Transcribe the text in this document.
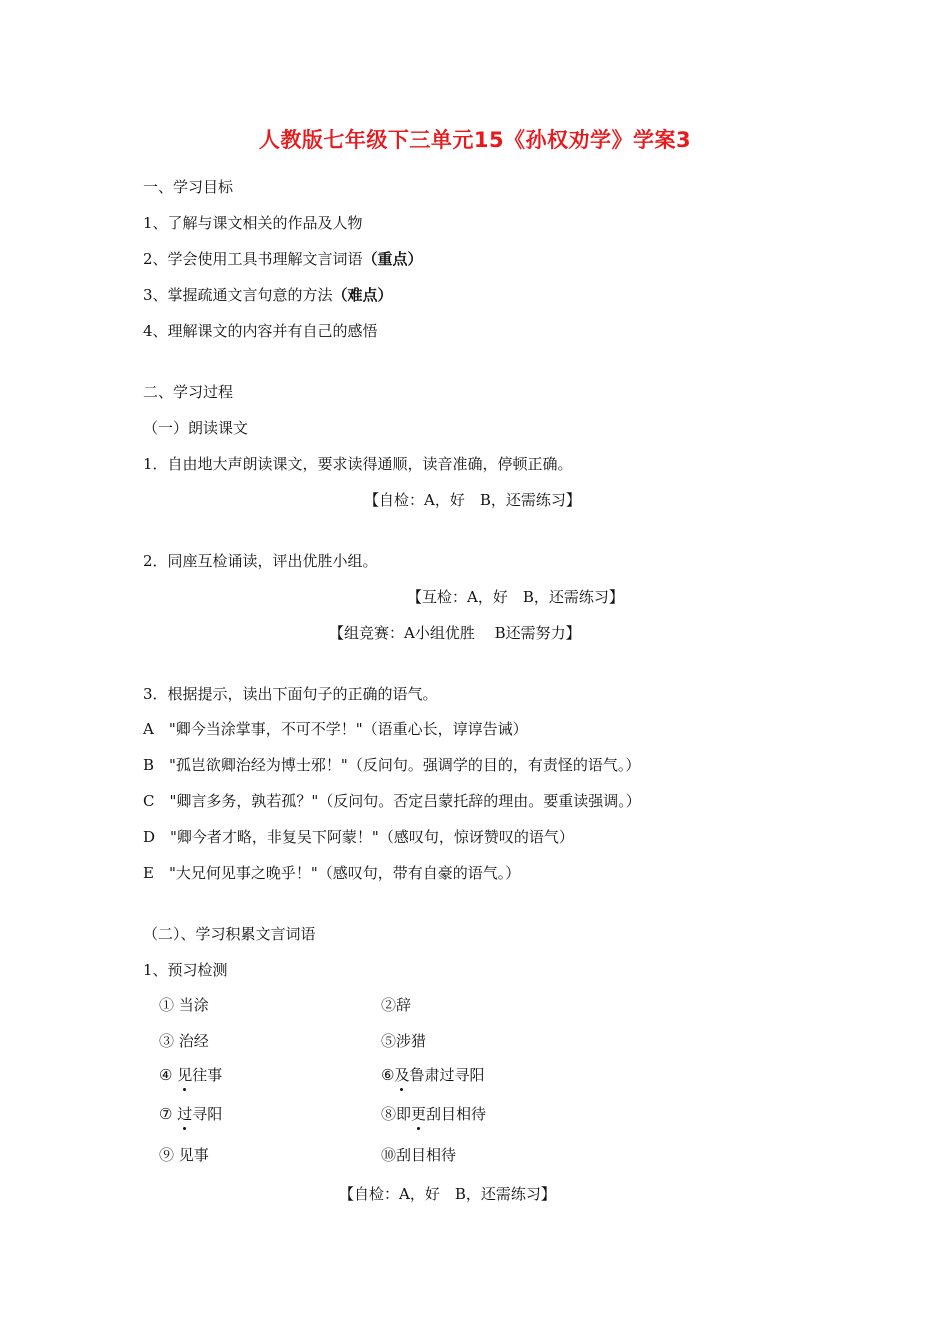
人教版七年级下三单元15《孙权劝学》学案3
一、学习目标
1、了解与课文相关的作品及人物
2、学会使用工具书理解文言词语（重点）
3、掌握疏通文言句意的方法（难点）
4、理解课文的内容并有自己的感悟
二、学习过程
（一）朗读课文
1．自由地大声朗读课文，要求读得通顺，读音准确，停顿正确。
【自检：A，好　B，还需练习】
2．同座互检诵读，评出优胜小组。
【互检：A，好　B，还需练习】
【组竞赛：A小组优胜　 B还需努力】
3．根据提示，读出下面句子的正确的语气。
A　"卿今当涂掌事，不可不学！"（语重心长，谆谆告诫）
B　"孤岂欲卿治经为博士邪！"（反问句。强调学的目的，有责怪的语气。）
C　"卿言多务，孰若孤？"（反问句。否定吕蒙托辞的理由。要重读强调。）
D　"卿今者才略，非复吴下阿蒙！"（感叹句，惊讶赞叹的语气）
E　"大兄何见事之晚乎！"（感叹句，带有自豪的语气。）
（二）、学习积累文言词语
1、预习检测
① 当涂	②辞
③ 治经	⑤涉猎
④ 见往事	⑥及鲁肃过寻阳
⑦ 过寻阳	⑧即更刮目相待
⑨ 见事	⑩刮目相待
【自检：A，好　B，还需练习】
